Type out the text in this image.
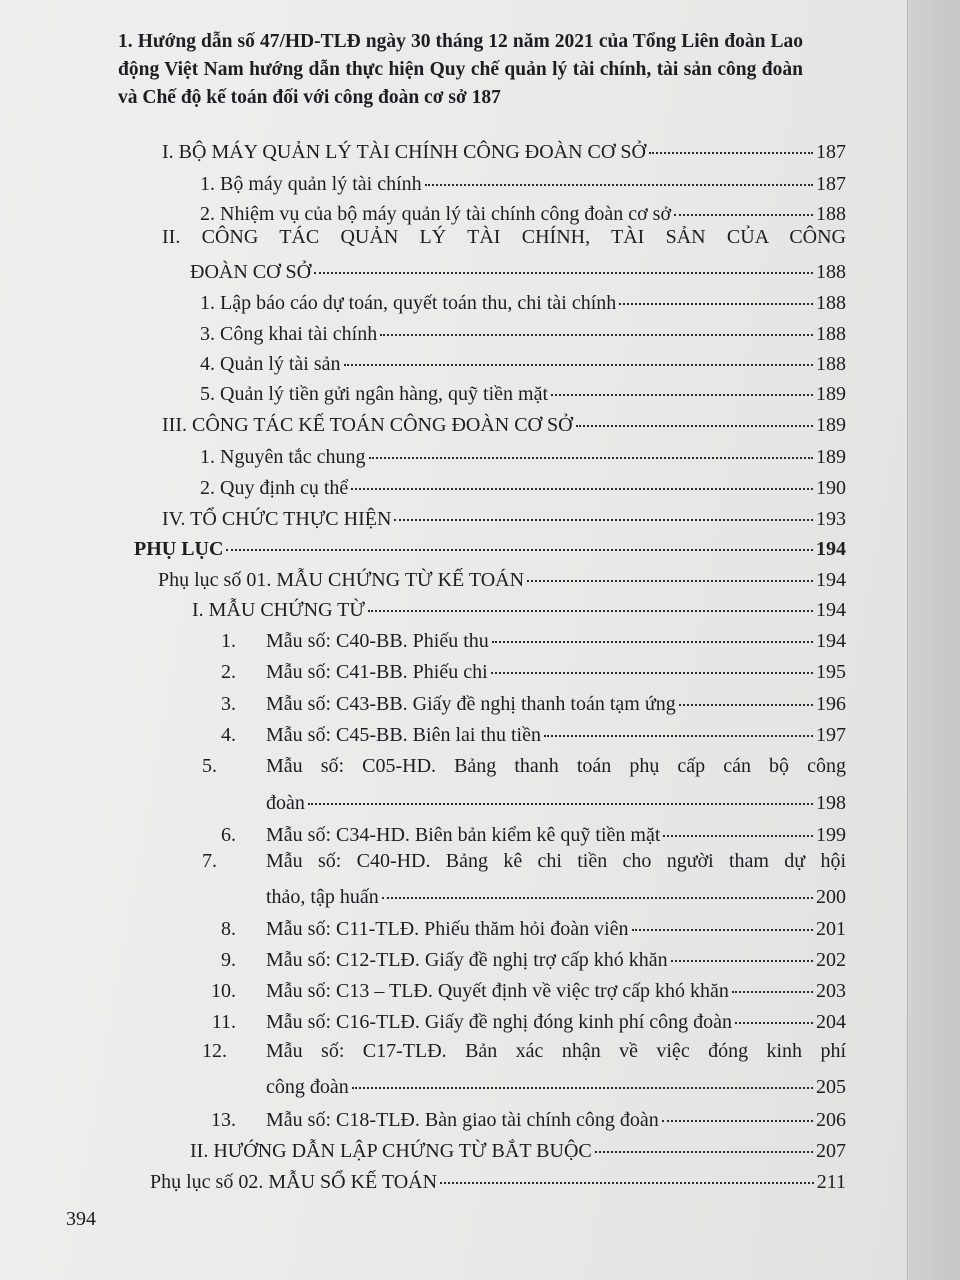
1. Hướng dẫn số 47/HD-TLĐ ngày 30 tháng 12 năm 2021 của Tổng Liên đoàn Lao động Việt Nam hướng dẫn thực hiện Quy chế quản lý tài chính, tài sản công đoàn và Chế độ kế toán đối với công đoàn cơ sở 187
I. BỘ MÁY QUẢN LÝ TÀI CHÍNH CÔNG ĐOÀN CƠ SỞ	187
1. Bộ máy quản lý tài chính	187
2. Nhiệm vụ của bộ máy quản lý tài chính công đoàn cơ sở	188
II. CÔNG TÁC QUẢN LÝ TÀI CHÍNH, TÀI SẢN CỦA CÔNG
ĐOÀN CƠ SỞ	188
1. Lập báo cáo dự toán, quyết toán thu, chi tài chính	188
3. Công khai tài chính	188
4. Quản lý tài sản	188
5. Quản lý tiền gửi ngân hàng, quỹ tiền mặt	189
III. CÔNG TÁC KẾ TOÁN CÔNG ĐOÀN CƠ SỞ	189
1. Nguyên tắc chung	189
2. Quy định cụ thể	190
IV. TỔ CHỨC THỰC HIỆN	193
PHỤ LỤC	194
Phụ lục số 01. MẪU CHỨNG TỪ KẾ TOÁN	194
I. MẪU CHỨNG TỪ	194
1. Mẫu số: C40-BB. Phiếu thu	194
2. Mẫu số: C41-BB. Phiếu chi	195
3. Mẫu số: C43-BB. Giấy đề nghị thanh toán tạm ứng	196
4. Mẫu số: C45-BB. Biên lai thu tiền	197
5. Mẫu số: C05-HD. Bảng thanh toán phụ cấp cán bộ công
đoàn	198
6. Mẫu số: C34-HD. Biên bản kiểm kê quỹ tiền mặt	199
7. Mẫu số: C40-HD. Bảng kê chi tiền cho người tham dự hội
thảo, tập huấn	200
8. Mẫu số: C11-TLĐ. Phiếu thăm hỏi đoàn viên	201
9. Mẫu số: C12-TLĐ. Giấy đề nghị trợ cấp khó khăn	202
10. Mẫu số: C13 – TLĐ. Quyết định về việc trợ cấp khó khăn	203
11. Mẫu số: C16-TLĐ. Giấy đề nghị đóng kinh phí công đoàn	204
12. Mẫu số: C17-TLĐ. Bản xác nhận về việc đóng kinh phí
công đoàn	205
13. Mẫu số: C18-TLĐ. Bàn giao tài chính công đoàn	206
II. HƯỚNG DẪN LẬP CHỨNG TỪ BẮT BUỘC	207
Phụ lục số 02. MẪU SỔ KẾ TOÁN	211
394
